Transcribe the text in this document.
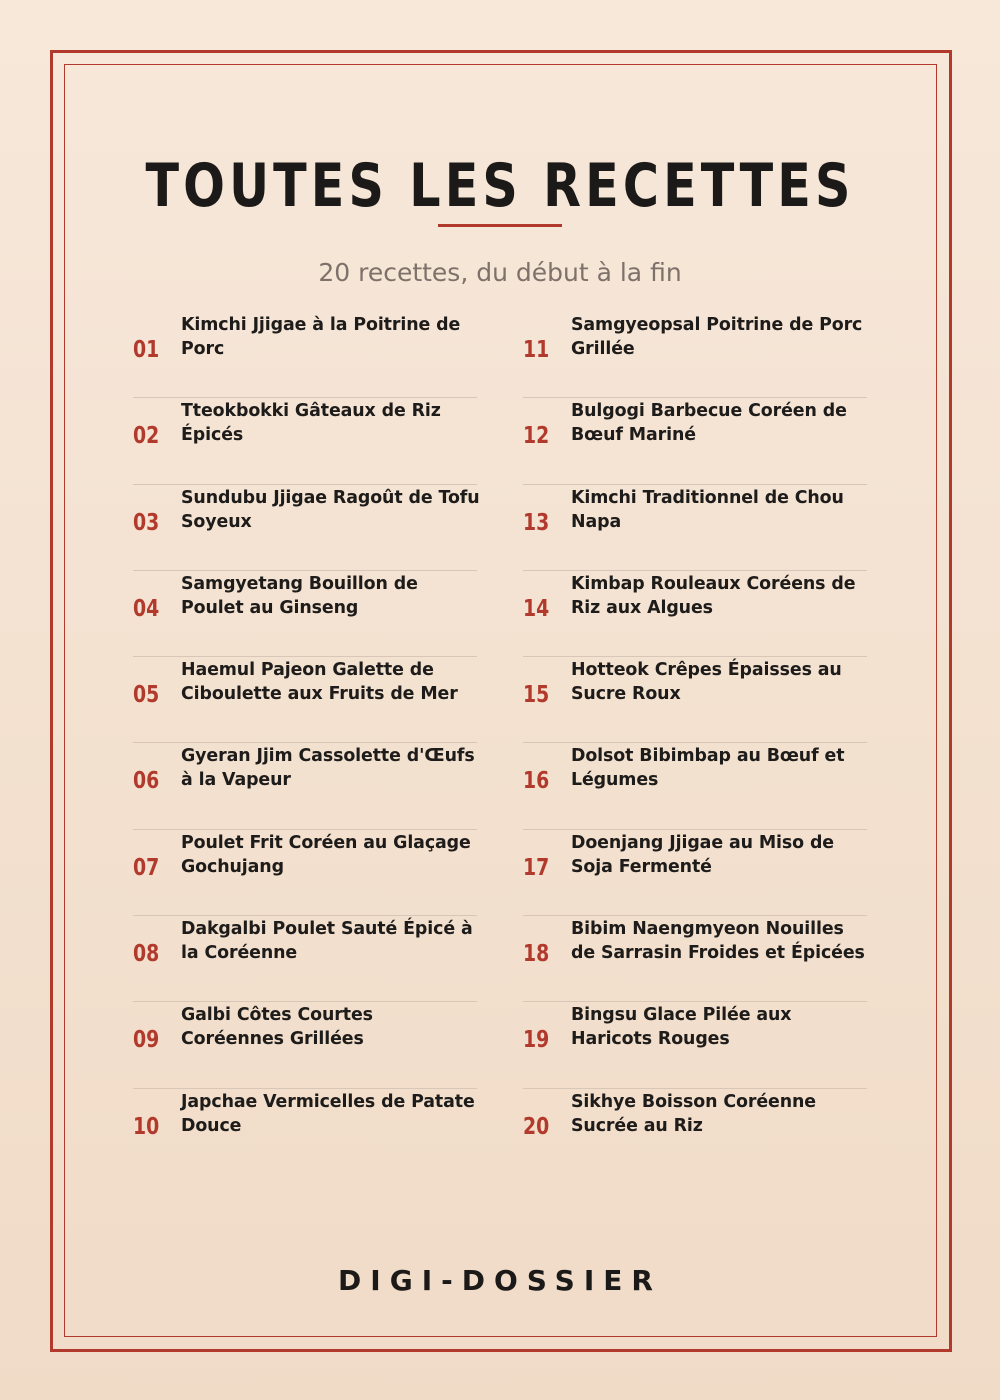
TOUTES LES RECETTES

20 recettes, du début à la fin

01
Kimchi Jjigae à la Poitrine de Porc
02
Tteokbokki Gâteaux de Riz Épicés
03
Sundubu Jjigae Ragoût de Tofu Soyeux
04
Samgyetang Bouillon de Poulet au Ginseng
05
Haemul Pajeon Galette de Ciboulette aux Fruits de Mer
06
Gyeran Jjim Cassolette d'Œufs à la Vapeur
07
Poulet Frit Coréen au Glaçage Gochujang
08
Dakgalbi Poulet Sauté Épicé à la Coréenne
09
Galbi Côtes Courtes Coréennes Grillées
10
Japchae Vermicelles de Patate Douce
11
Samgyeopsal Poitrine de Porc Grillée
12
Bulgogi Barbecue Coréen de Bœuf Mariné
13
Kimchi Traditionnel de Chou Napa
14
Kimbap Rouleaux Coréens de Riz aux Algues
15
Hotteok Crêpes Épaisses au Sucre Roux
16
Dolsot Bibimbap au Bœuf et Légumes
17
Doenjang Jjigae au Miso de Soja Fermenté
18
Bibim Naengmyeon Nouilles de Sarrasin Froides et Épicées
19
Bingsu Glace Pilée aux Haricots Rouges
20
Sikhye Boisson Coréenne Sucrée au Riz

DIGI-DOSSIER
